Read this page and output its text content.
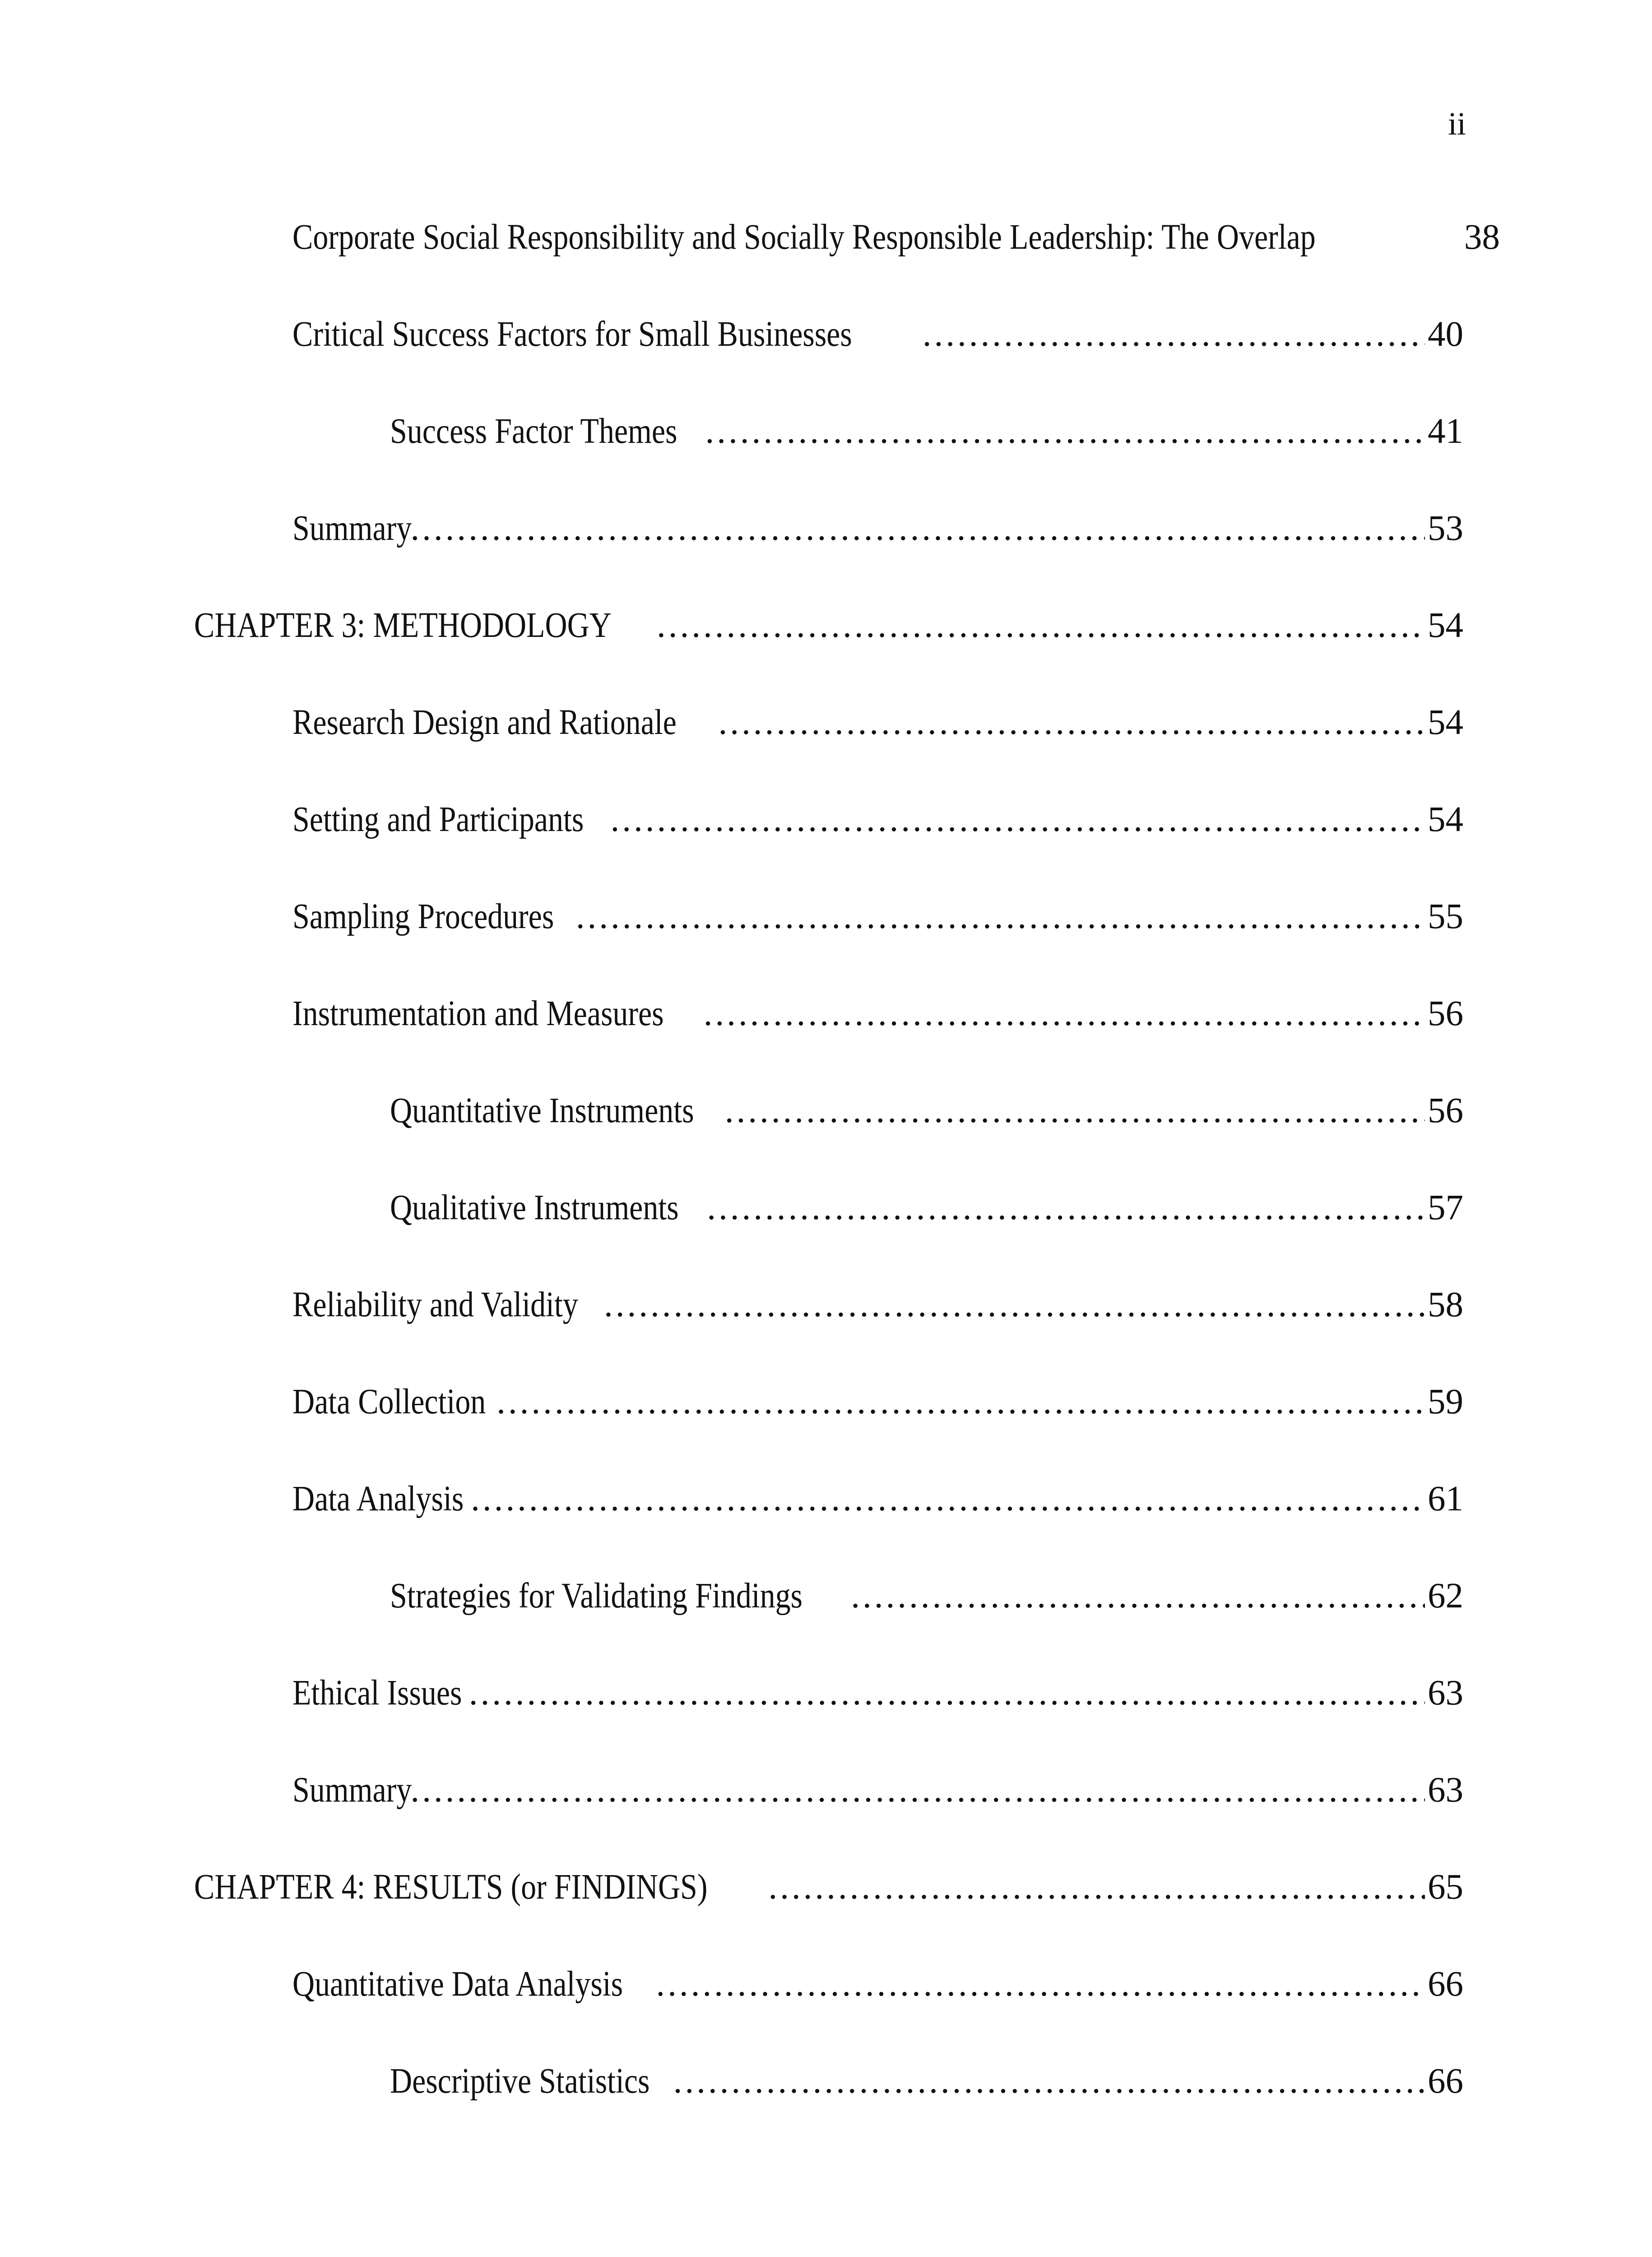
ii
Corporate Social Responsibility and Socially Responsible Leadership: The Overlap	38
Critical Success Factors for Small Businesses .....	40
Success Factor Themes .....	41
Summary .....	53
CHAPTER 3: METHODOLOGY .....	54
Research Design and Rationale .....	54
Setting and Participants .....	54
Sampling Procedures .....	55
Instrumentation and Measures .....	56
Quantitative Instruments .....	56
Qualitative Instruments .....	57
Reliability and Validity .....	58
Data Collection .....	59
Data Analysis .....	61
Strategies for Validating Findings .....	62
Ethical Issues .....	63
Summary .....	63
CHAPTER 4: RESULTS (or FINDINGS) .....	65
Quantitative Data Analysis .....	66
Descriptive Statistics .....	66
